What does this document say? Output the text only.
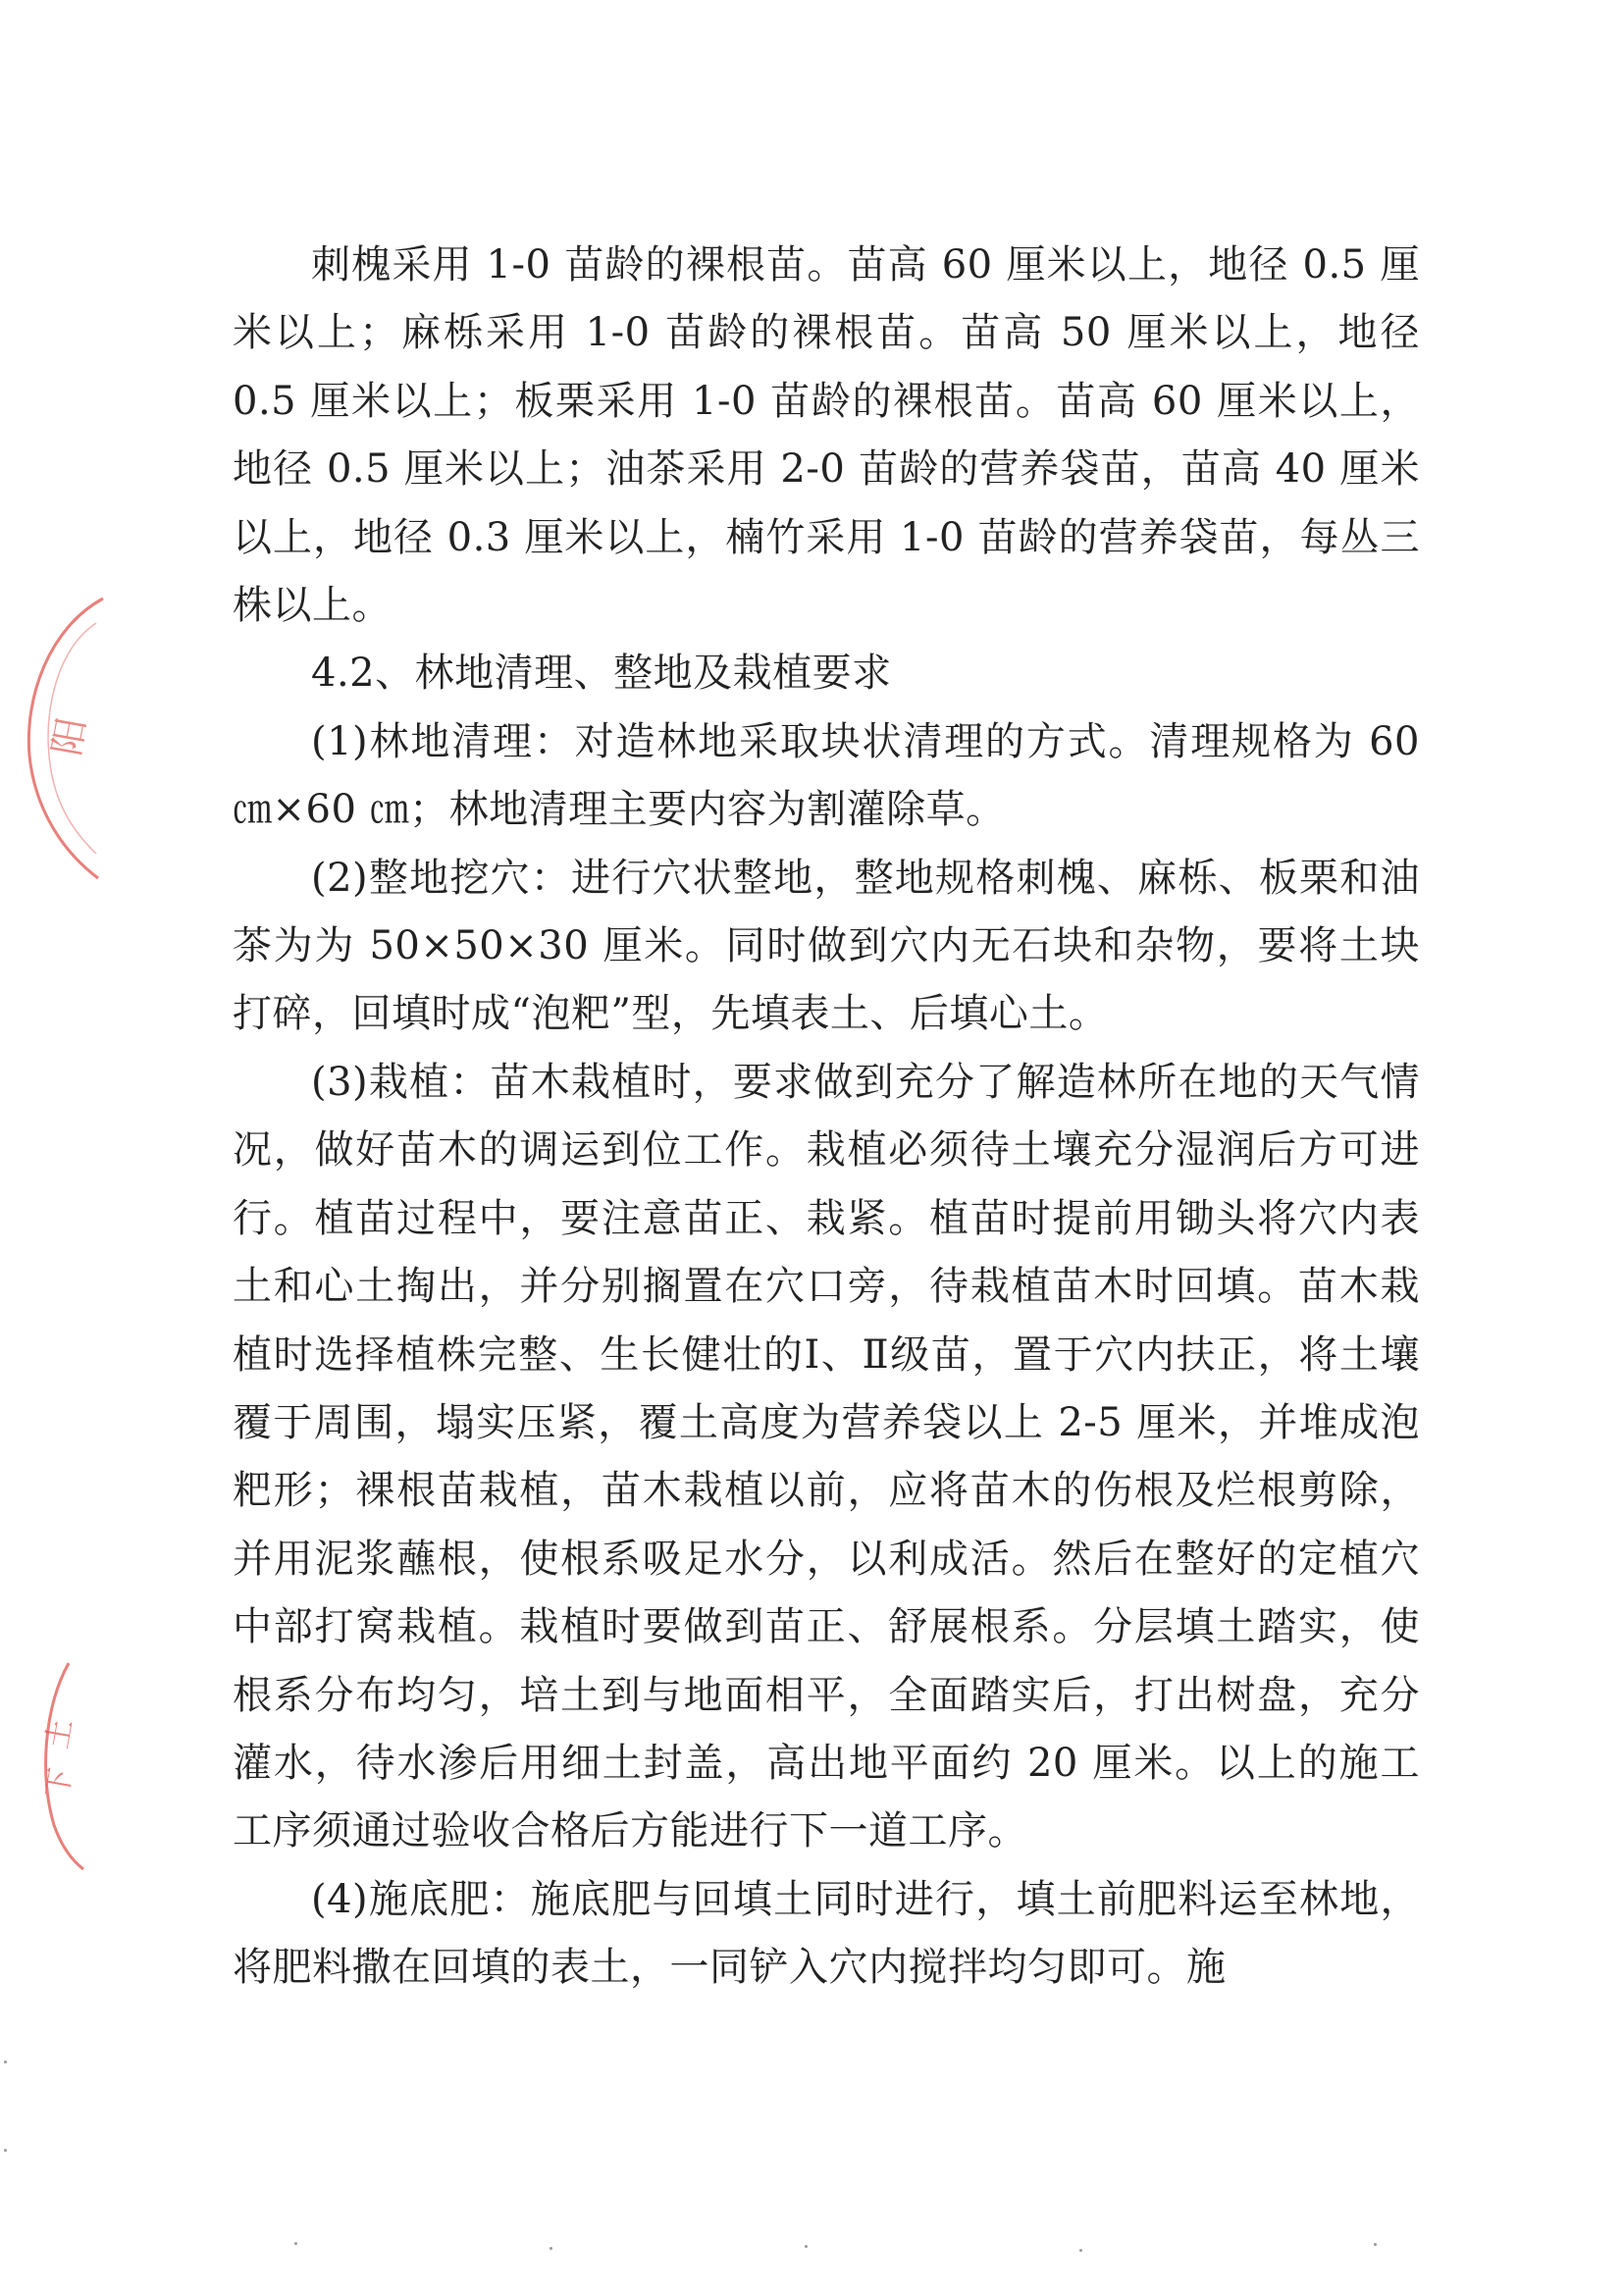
阳
土
下

刺槐采用 1-0 苗龄的裸根苗。苗高 60 厘米以上，地径 0.5 厘米以上；麻栎采用 1-0 苗龄的裸根苗。苗高 50 厘米以上，地径 0.5 厘米以上；板栗采用 1-0 苗龄的裸根苗。苗高 60 厘米以上，地径 0.5 厘米以上；油茶采用 2-0 苗龄的营养袋苗，苗高 40 厘米以上，地径 0.3 厘米以上，楠竹采用 1-0 苗龄的营养袋苗，每丛三株以上。

4.2、林地清理、整地及栽植要求

(1)林地清理：对造林地采取块状清理的方式。清理规格为 60 ㎝×60 ㎝；林地清理主要内容为割灌除草。

(2)整地挖穴：进行穴状整地，整地规格刺槐、麻栎、板栗和油茶为为 50×50×30 厘米。同时做到穴内无石块和杂物，要将土块打碎，回填时成“泡粑”型，先填表土、后填心土。

(3)栽植：苗木栽植时，要求做到充分了解造林所在地的天气情况，做好苗木的调运到位工作。栽植必须待土壤充分湿润后方可进行。植苗过程中，要注意苗正、栽紧。植苗时提前用锄头将穴内表土和心土掏出，并分别搁置在穴口旁，待栽植苗木时回填。苗木栽植时选择植株完整、生长健壮的Ⅰ、Ⅱ级苗，置于穴内扶正，将土壤覆于周围，塌实压紧，覆土高度为营养袋以上 2-5 厘米，并堆成泡粑形；裸根苗栽植，苗木栽植以前，应将苗木的伤根及烂根剪除，并用泥浆蘸根，使根系吸足水分，以利成活。然后在整好的定植穴中部打窝栽植。栽植时要做到苗正、舒展根系。分层填土踏实，使根系分布均匀，培土到与地面相平，全面踏实后，打出树盘，充分灌水，待水渗后用细土封盖，高出地平面约 20 厘米。以上的施工工序须通过验收合格后方能进行下一道工序。

(4)施底肥：施底肥与回填土同时进行，填土前肥料运至林地，将肥料撒在回填的表土，一同铲入穴内搅拌均匀即可。施
